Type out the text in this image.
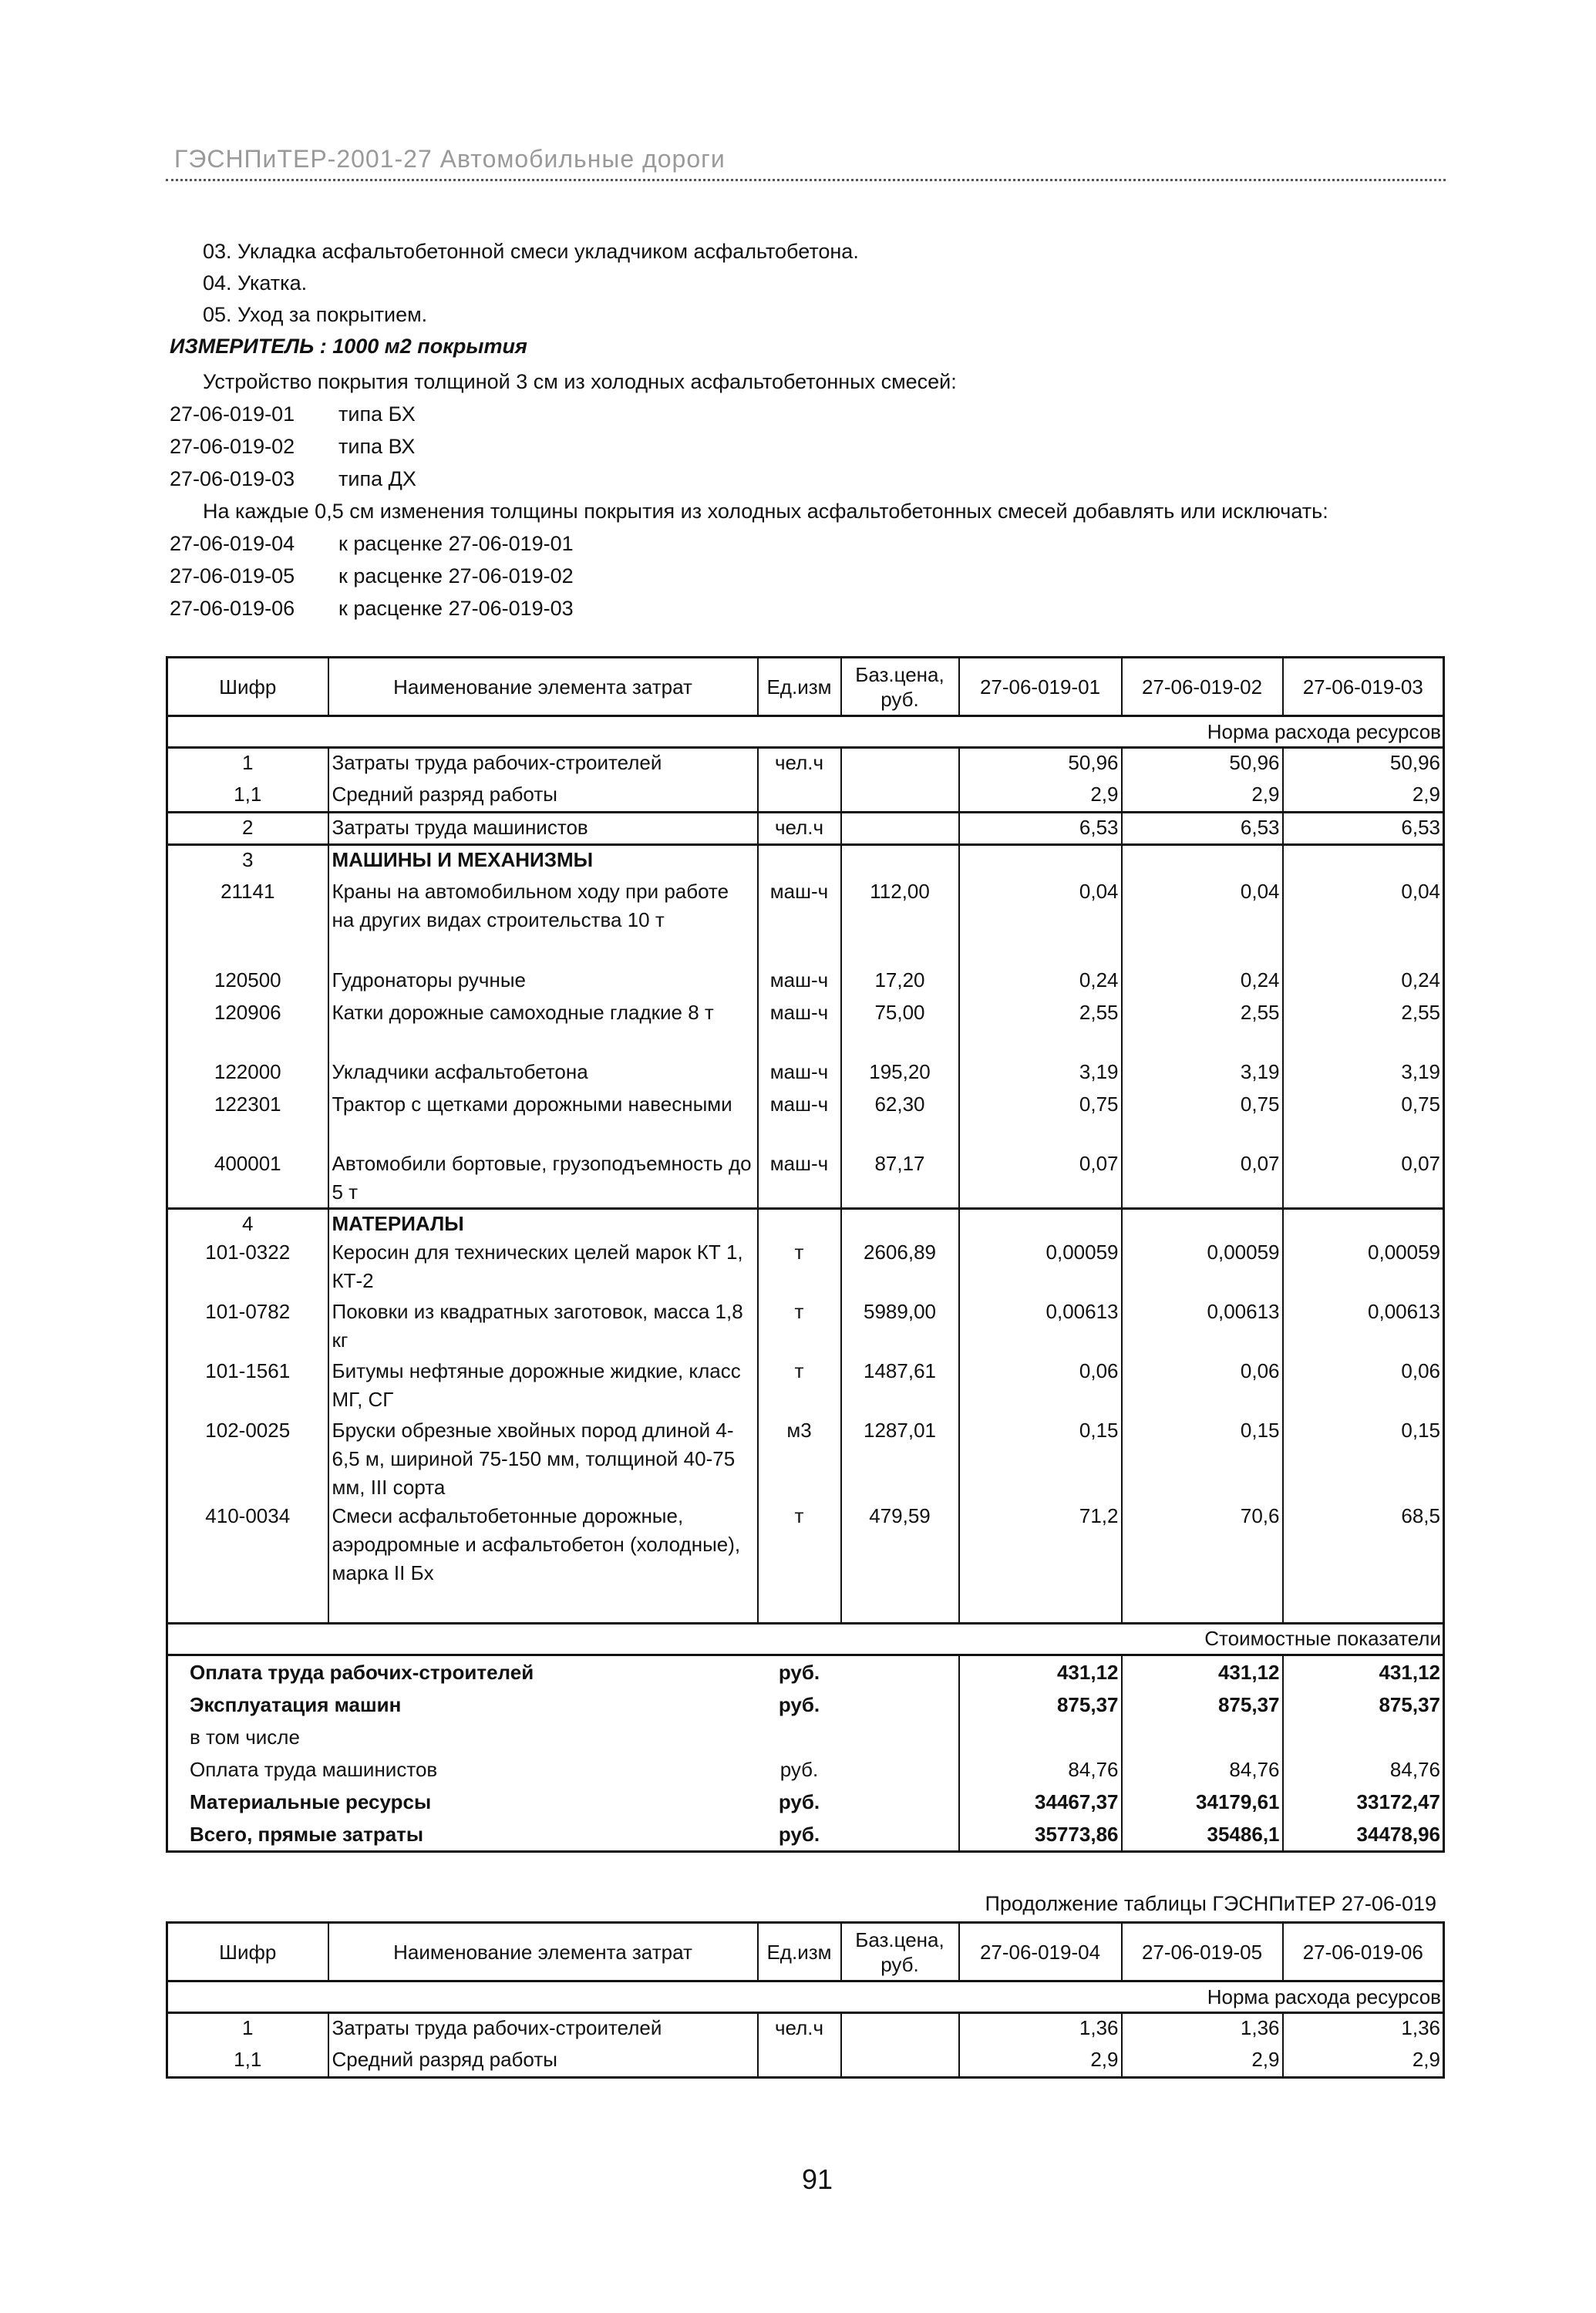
ГЭСНПиТЕР-2001-27 Автомобильные дороги
03. Укладка асфальтобетонной смеси укладчиком асфальтобетона.
04. Укатка.
05. Уход за покрытием.
ИЗМЕРИТЕЛЬ : 1000 м2 покрытия
Устройство покрытия толщиной 3 см из холодных асфальтобетонных смесей:
27-06-019-01 типа БХ
27-06-019-02 типа ВХ
27-06-019-03 типа ДХ
На каждые 0,5 см изменения толщины покрытия из холодных асфальтобетонных смесей добавлять или исключать:
27-06-019-04 к расценке 27-06-019-01
27-06-019-05 к расценке 27-06-019-02
27-06-019-06 к расценке 27-06-019-03
Шифр	Наименование элемента затрат	Ед.изм	Баз.цена, руб.	27-06-019-01	27-06-019-02	27-06-019-03
Норма расхода ресурсов						
1	Затраты труда рабочих-строителей	чел.ч		50,96	50,96	50,96
1,1	Средний разряд работы			2,9	2,9	2,9
2	Затраты труда машинистов	чел.ч		6,53	6,53	6,53
3	МАШИНЫ И МЕХАНИЗМЫ					
21141	Краны на автомобильном ходу при работе на других видах строительства 10 т	маш-ч	112,00	0,04	0,04	0,04
120500	Гудронаторы ручные	маш-ч	17,20	0,24	0,24	0,24
120906	Катки дорожные самоходные гладкие 8 т	маш-ч	75,00	2,55	2,55	2,55
122000	Укладчики асфальтобетона	маш-ч	195,20	3,19	3,19	3,19
122301	Трактор с щетками дорожными навесными	маш-ч	62,30	0,75	0,75	0,75
400001	Автомобили бортовые, грузоподъемность до 5 т	маш-ч	87,17	0,07	0,07	0,07
4	МАТЕРИАЛЫ					
101-0322	Керосин для технических целей марок КТ 1, КТ-2	т	2606,89	0,00059	0,00059	0,00059
101-0782	Поковки из квадратных заготовок, масса 1,8 кг	т	5989,00	0,00613	0,00613	0,00613
101-1561	Битумы нефтяные дорожные жидкие, класс МГ, СГ	т	1487,61	0,06	0,06	0,06
102-0025	Бруски обрезные хвойных пород длиной 4-6,5 м, шириной 75-150 мм, толщиной 40-75 мм, III сорта	м3	1287,01	0,15	0,15	0,15
410-0034	Смеси асфальтобетонные дорожные, аэродромные и асфальтобетон (холодные), марка II Бх	т	479,59	71,2	70,6	68,5
Стоимостные показатели						
Оплата труда рабочих-строителей		руб.		431,12	431,12	431,12
Эксплуатация машин		руб.		875,37	875,37	875,37
в том числе						
Оплата труда машинистов		руб.		84,76	84,76	84,76
Материальные ресурсы		руб.		34467,37	34179,61	33172,47
Всего, прямые затраты		руб.		35773,86	35486,1	34478,96
Продолжение таблицы ГЭСНПиТЕР 27-06-019
Шифр	Наименование элемента затрат	Ед.изм	Баз.цена, руб.	27-06-019-04	27-06-019-05	27-06-019-06
Норма расхода ресурсов						
1	Затраты труда рабочих-строителей	чел.ч		1,36	1,36	1,36
1,1	Средний разряд работы			2,9	2,9	2,9
91
